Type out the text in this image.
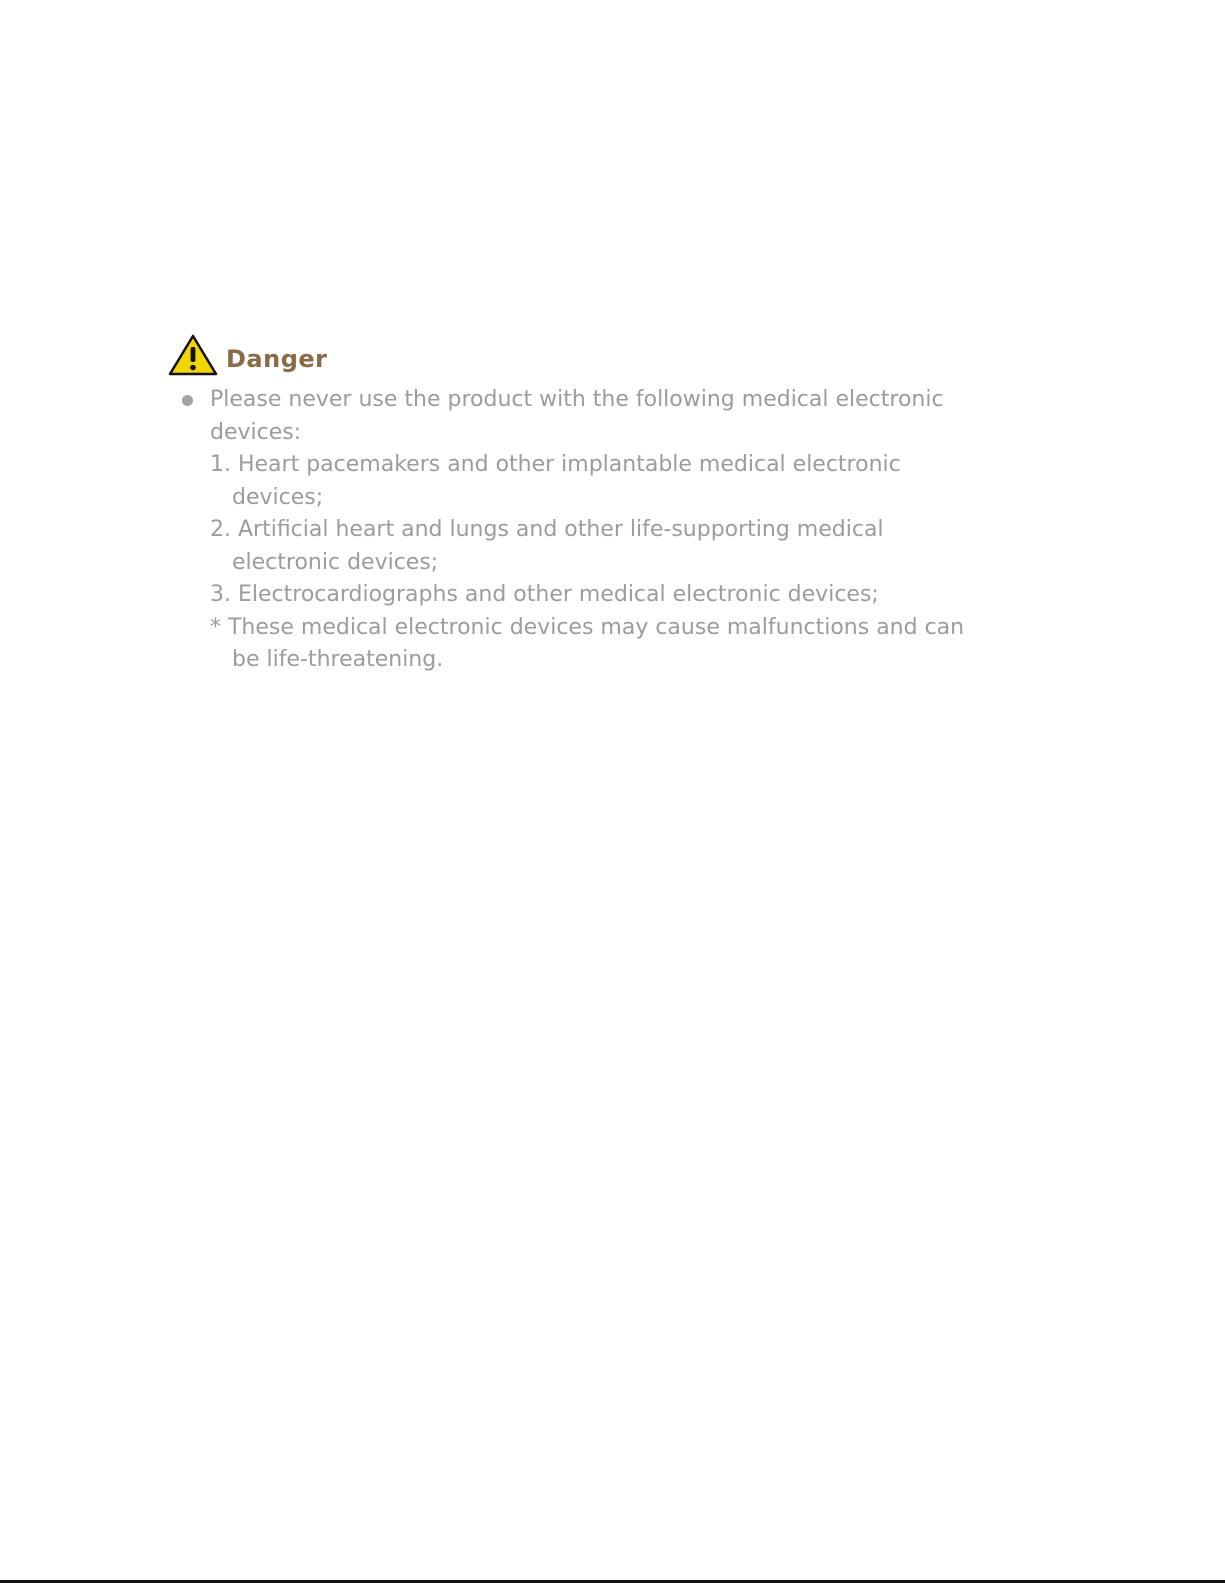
Danger
Please never use the product with the following medical electronic devices:
1. Heart pacemakers and other implantable medical electronic devices;
2. Artificial heart and lungs and other life-supporting medical electronic devices;
3. Electrocardiographs and other medical electronic devices;
* These medical electronic devices may cause malfunctions and can be life-threatening.
